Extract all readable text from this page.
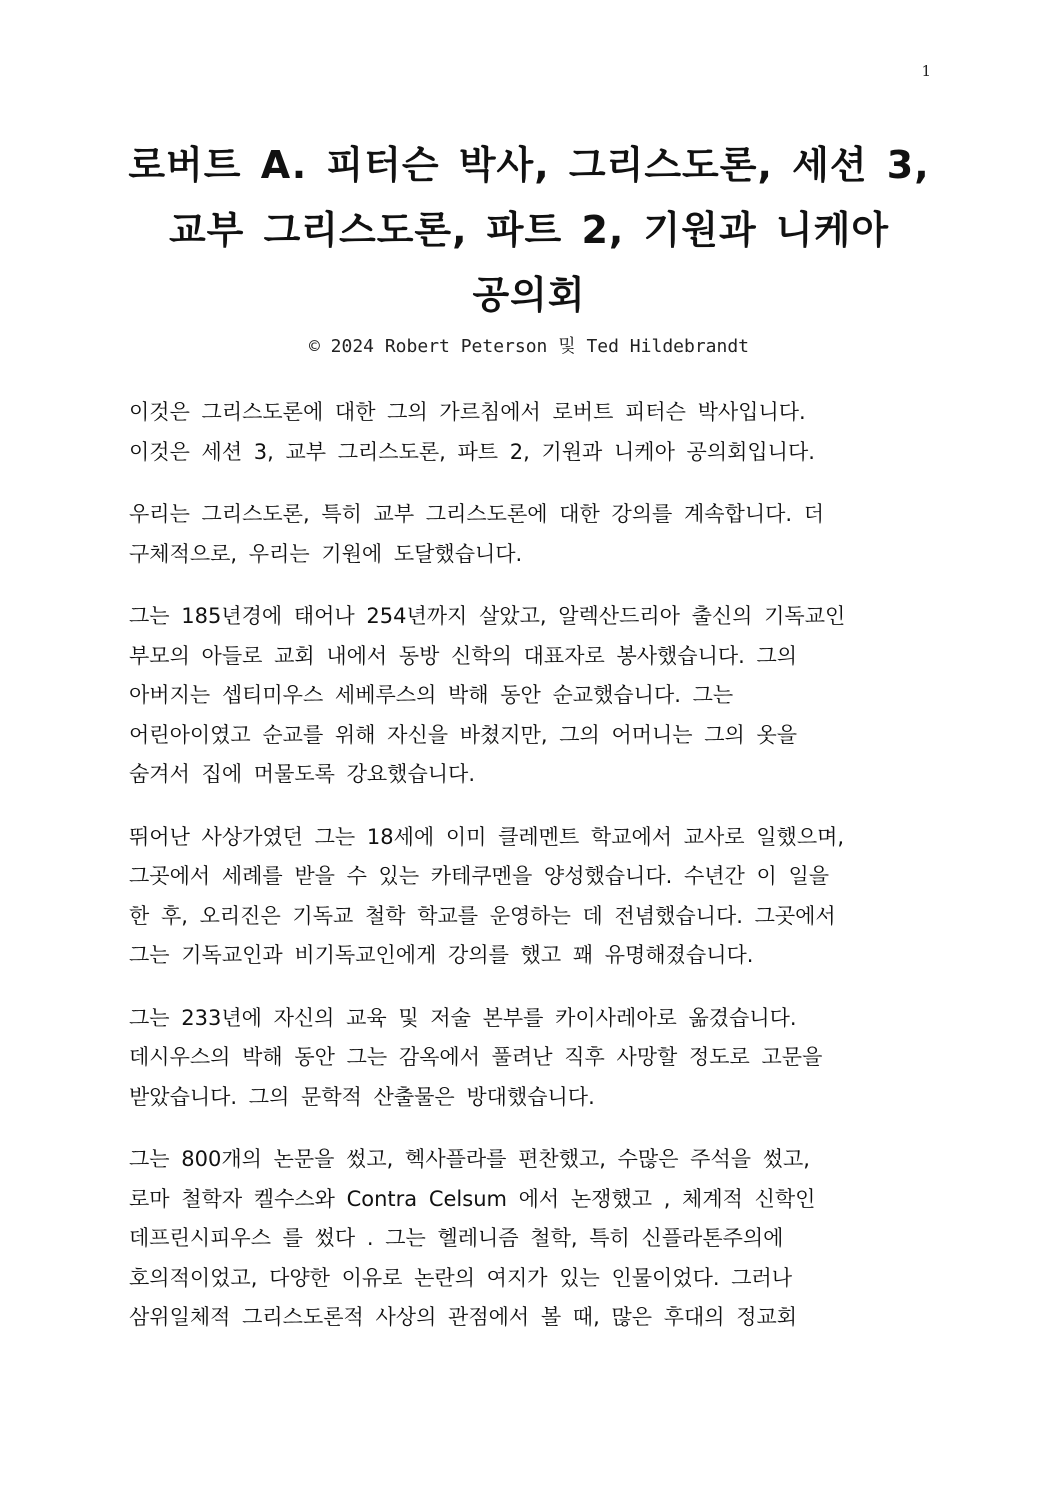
1
로버트 A. 피터슨 박사, 그리스도론, 세션 3,
교부 그리스도론, 파트 2, 기원과 니케아
공의회
© 2024 Robert Peterson 및 Ted Hildebrandt

이것은 그리스도론에 대한 그의 가르침에서 로버트 피터슨 박사입니다.
이것은 세션 3, 교부 그리스도론, 파트 2, 기원과 니케아 공의회입니다.

우리는 그리스도론, 특히 교부 그리스도론에 대한 강의를 계속합니다. 더
구체적으로, 우리는 기원에 도달했습니다.

그는 185년경에 태어나 254년까지 살았고, 알렉산드리아 출신의 기독교인
부모의 아들로 교회 내에서 동방 신학의 대표자로 봉사했습니다. 그의
아버지는 셉티미우스 세베루스의 박해 동안 순교했습니다. 그는
어린아이였고 순교를 위해 자신을 바쳤지만, 그의 어머니는 그의 옷을
숨겨서 집에 머물도록 강요했습니다.

뛰어난 사상가였던 그는 18세에 이미 클레멘트 학교에서 교사로 일했으며,
그곳에서 세례를 받을 수 있는 카테쿠멘을 양성했습니다. 수년간 이 일을
한 후, 오리진은 기독교 철학 학교를 운영하는 데 전념했습니다. 그곳에서
그는 기독교인과 비기독교인에게 강의를 했고 꽤 유명해졌습니다.

그는 233년에 자신의 교육 및 저술 본부를 카이사레아로 옮겼습니다.
데시우스의 박해 동안 그는 감옥에서 풀려난 직후 사망할 정도로 고문을
받았습니다. 그의 문학적 산출물은 방대했습니다.

그는 800개의 논문을 썼고, 헥사플라를 편찬했고, 수많은 주석을 썼고,
로마 철학자 켈수스와 Contra Celsum 에서 논쟁했고 , 체계적 신학인
데프린시피우스 를 썼다 . 그는 헬레니즘 철학, 특히 신플라톤주의에
호의적이었고, 다양한 이유로 논란의 여지가 있는 인물이었다. 그러나
삼위일체적 그리스도론적 사상의 관점에서 볼 때, 많은 후대의 정교회
